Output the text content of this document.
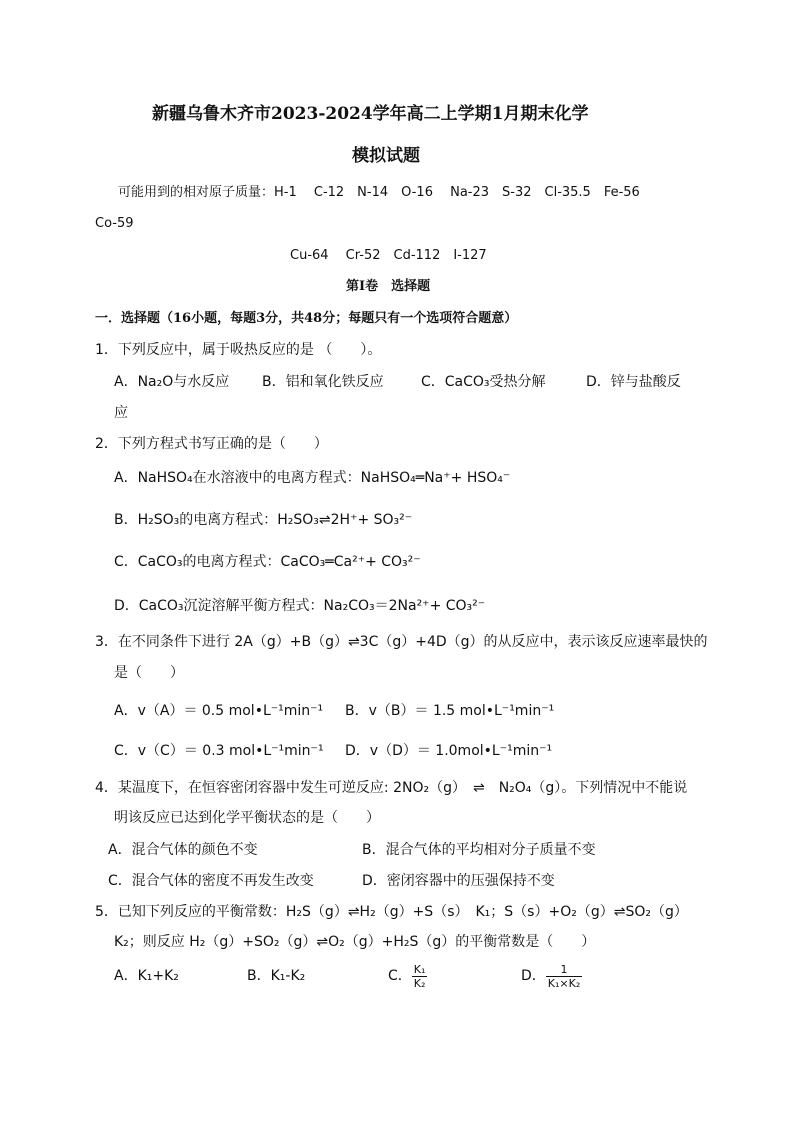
新疆乌鲁木齐市2023-2024学年高二上学期1月期末化学
模拟试题
可能用到的相对原子质量：H-1　 C-12　N-14　O-16　 Na-23　S-32　Cl-35.5　Fe-56
Co-59
Cu-64　 Cr-52　Cd-112　I-127
第Ⅰ卷　选择题
一．选择题（16小题，每题3分，共48分；每题只有一个选项符合题意）
1．下列反应中，属于吸热反应的是 （　　）。
A．Na₂O与水反应 B．铝和氧化铁反应	C．CaCO₃受热分解	D．锌与盐酸反
应
2．下列方程式书写正确的是（　　）
A．NaHSO₄在水溶液中的电离方程式：NaHSO₄═Na⁺+ HSO₄⁻
B．H₂SO₃的电离方程式：H₂SO₃⇌2H⁺+ SO₃²⁻
C．CaCO₃的电离方程式：CaCO₃═Ca²⁺+ CO₃²⁻
D．CaCO₃沉淀溶解平衡方程式：Na₂CO₃＝2Na²⁺+ CO₃²⁻
3．在不同条件下进行 2A（g）+B（g）⇌3C（g）+4D（g）的从反应中，表示该反应速率最快的
是（　　）
A．v（A）＝ 0.5 mol•L⁻¹min⁻¹ B．v（B）＝ 1.5 mol•L⁻¹min⁻¹
C．v（C）＝ 0.3 mol•L⁻¹min⁻¹ D．v（D）＝ 1.0mol•L⁻¹min⁻¹
4．某温度下，在恒容密闭容器中发生可逆反应: 2NO₂（g）　⇌　N₂O₄（g）。下列情况中不能说
明该反应已达到化学平衡状态的是（　　）
A．混合气体的颜色不变	B．混合气体的平均相对分子质量不变
C．混合气体的密度不再发生改变	D．密闭容器中的压强保持不变
5．已知下列反应的平衡常数：H₂S（g）⇌H₂（g）+S（s）　K₁；S（s）+O₂（g）⇌SO₂（g）
K₂；则反应 H₂（g）+SO₂（g）⇌O₂（g）+H₂S（g）的平衡常数是（　　）
A．K₁+K₂	B．K₁-K₂	C． $\frac{\text{K₁}}{\text{K₂}}$	D． $\frac{1}{\text{K₁×K₂}}$
